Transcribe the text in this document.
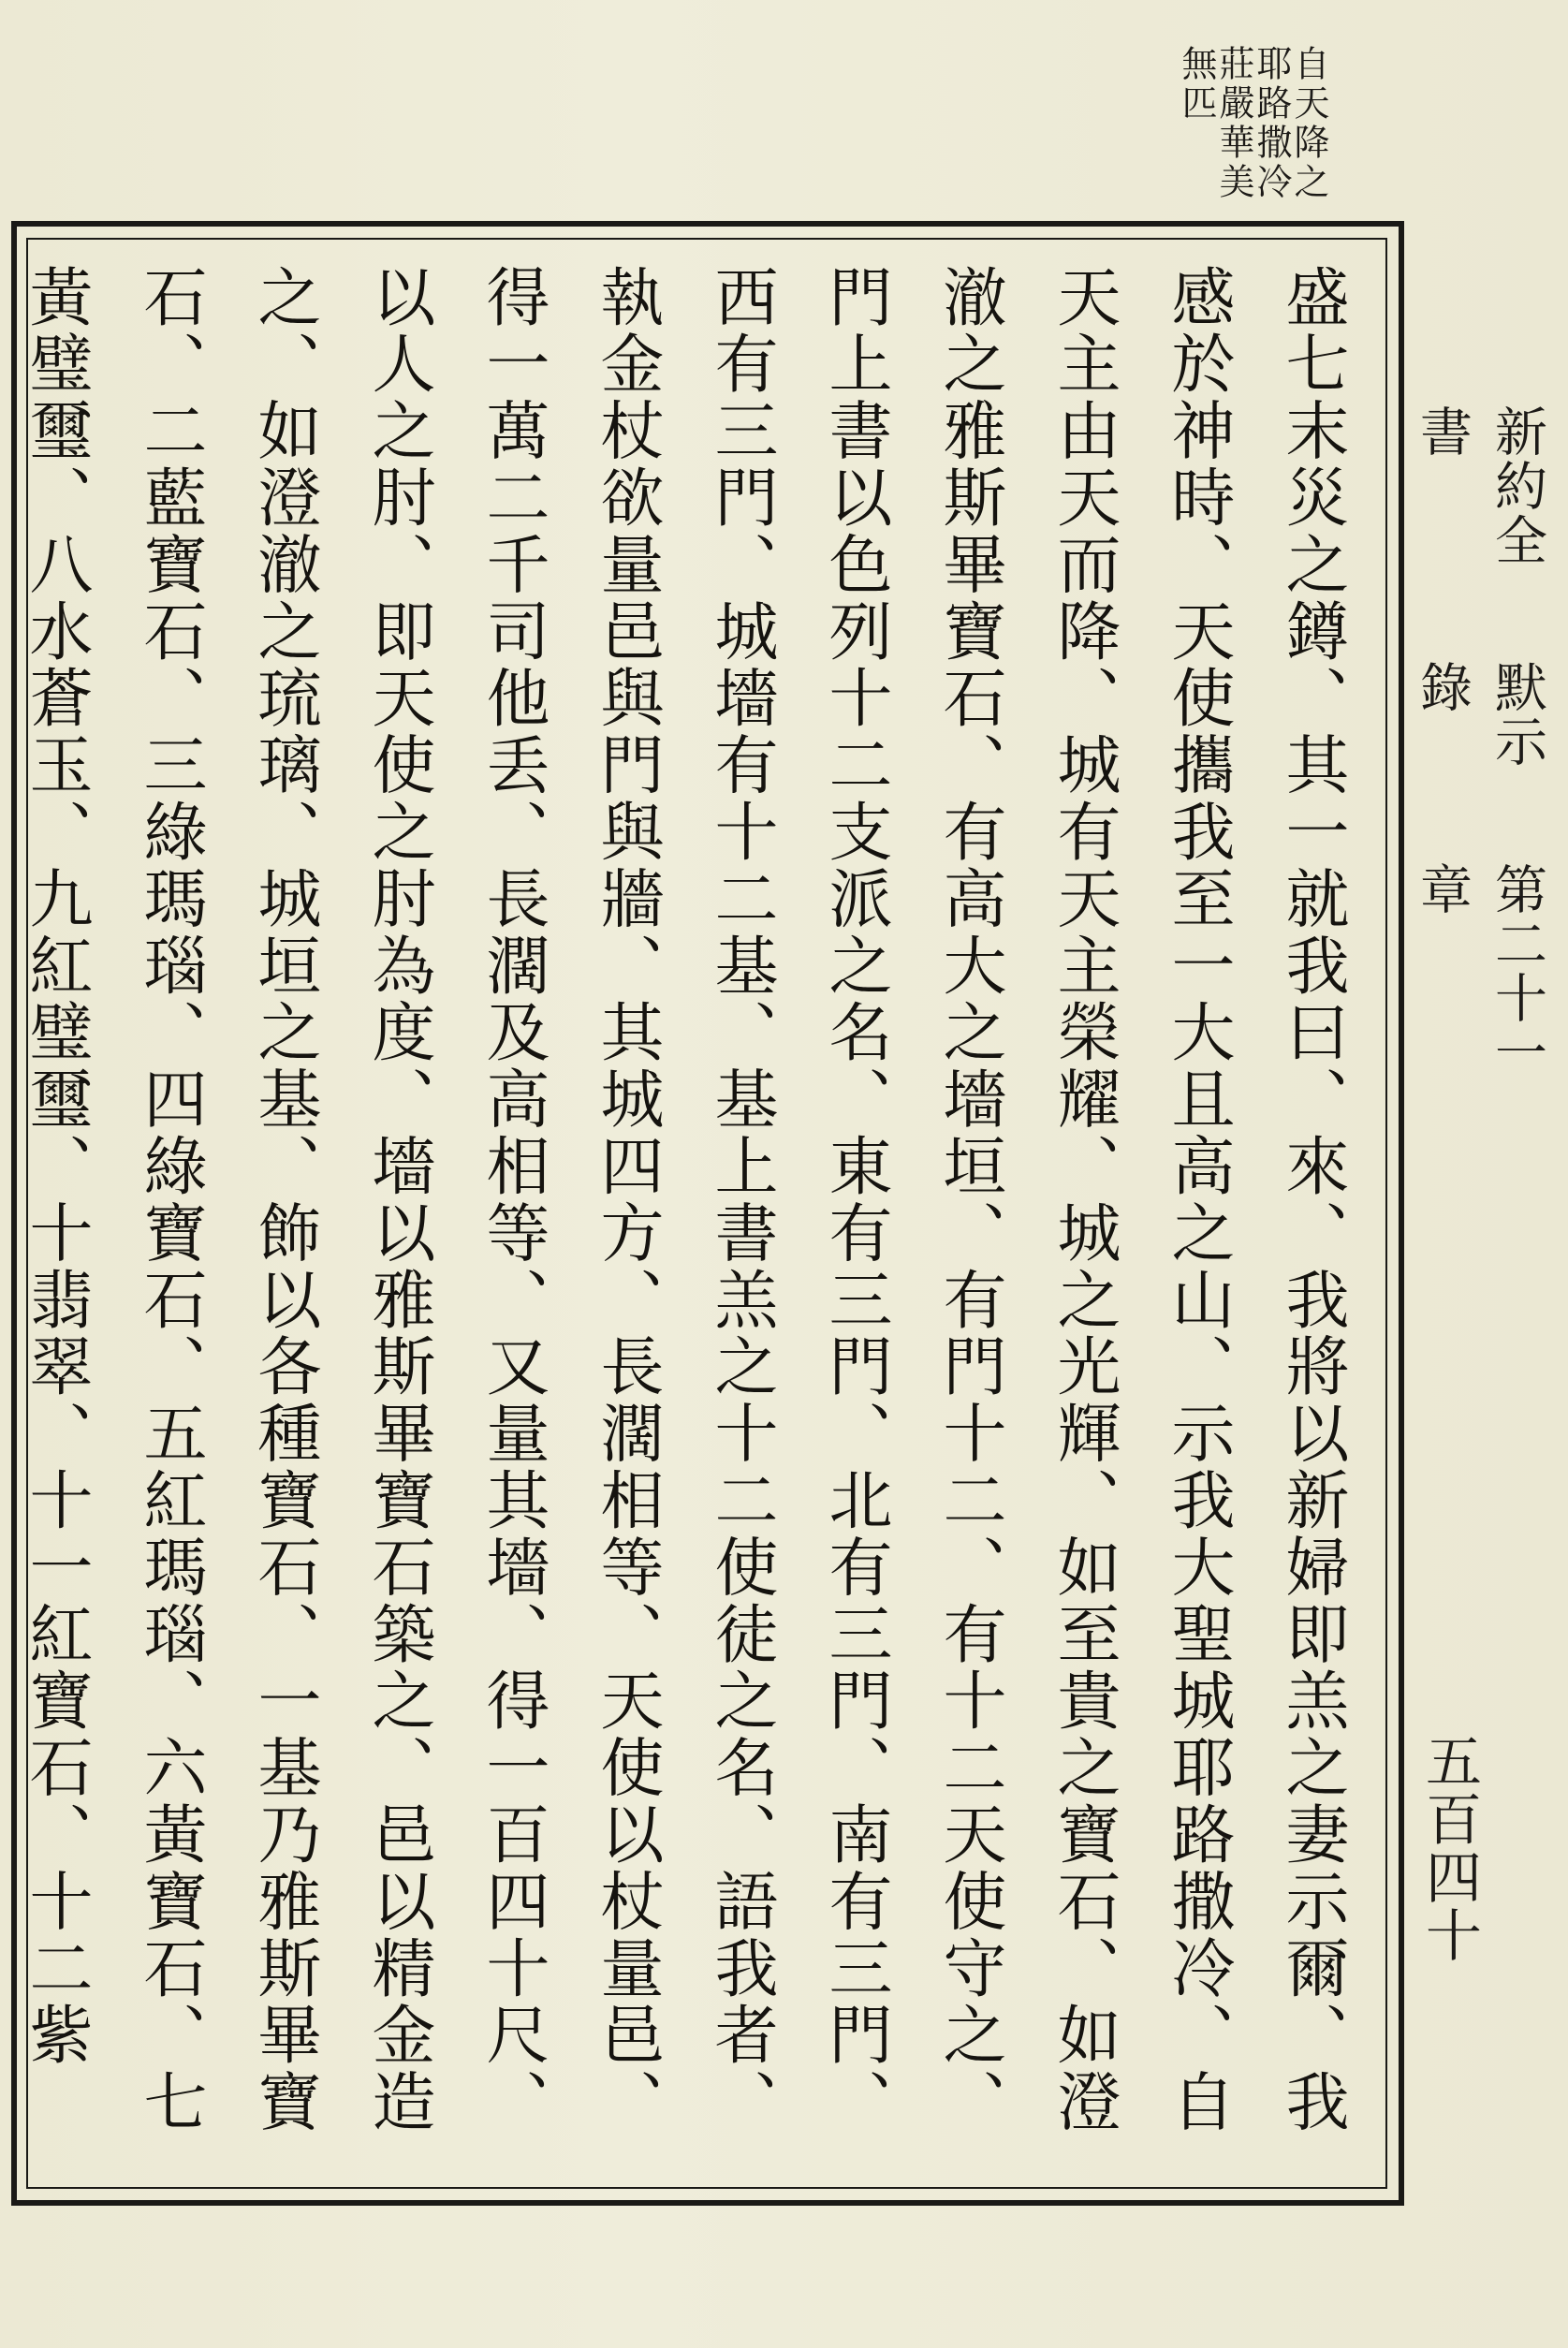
自天降之
耶路撒冷
莊嚴華美
無匹
新約全書
默示錄
第二十一章
五百四十

盛七末災之鐏、其一就我曰、來、我將以新婦即羔之妻示爾、我感於神時、天使攜我至一大且高之山、示我大聖城耶路撒冷、自天主由天而降、城有天主榮耀、城之光輝、如至貴之寶石、如澄澈之雅斯畢寶石、有高大之墻垣、有門十二、有十二天使守之、門上書以色列十二支派之名、東有三門、北有三門、南有三門、西有三門、城墻有十二基、基上書羔之十二使徒之名、語我者、執金杖欲量邑與門與牆、其城四方、長濶相等、天使以杖量邑、得一萬二千司他丢、長濶及高相等、又量其墻、得一百四十尺、以人之肘、即天使之肘為度、墻以雅斯畢寶石築之、邑以精金造之、如澄澈之琉璃、城垣之基、飾以各種寶石、一基乃雅斯畢寶石、二藍寶石、三綠瑪瑙、四綠寶石、五紅瑪瑙、六黃寶石、七黃璧璽、八水蒼玉、九紅璧璽、十翡翠、十一紅寶石、十二紫
